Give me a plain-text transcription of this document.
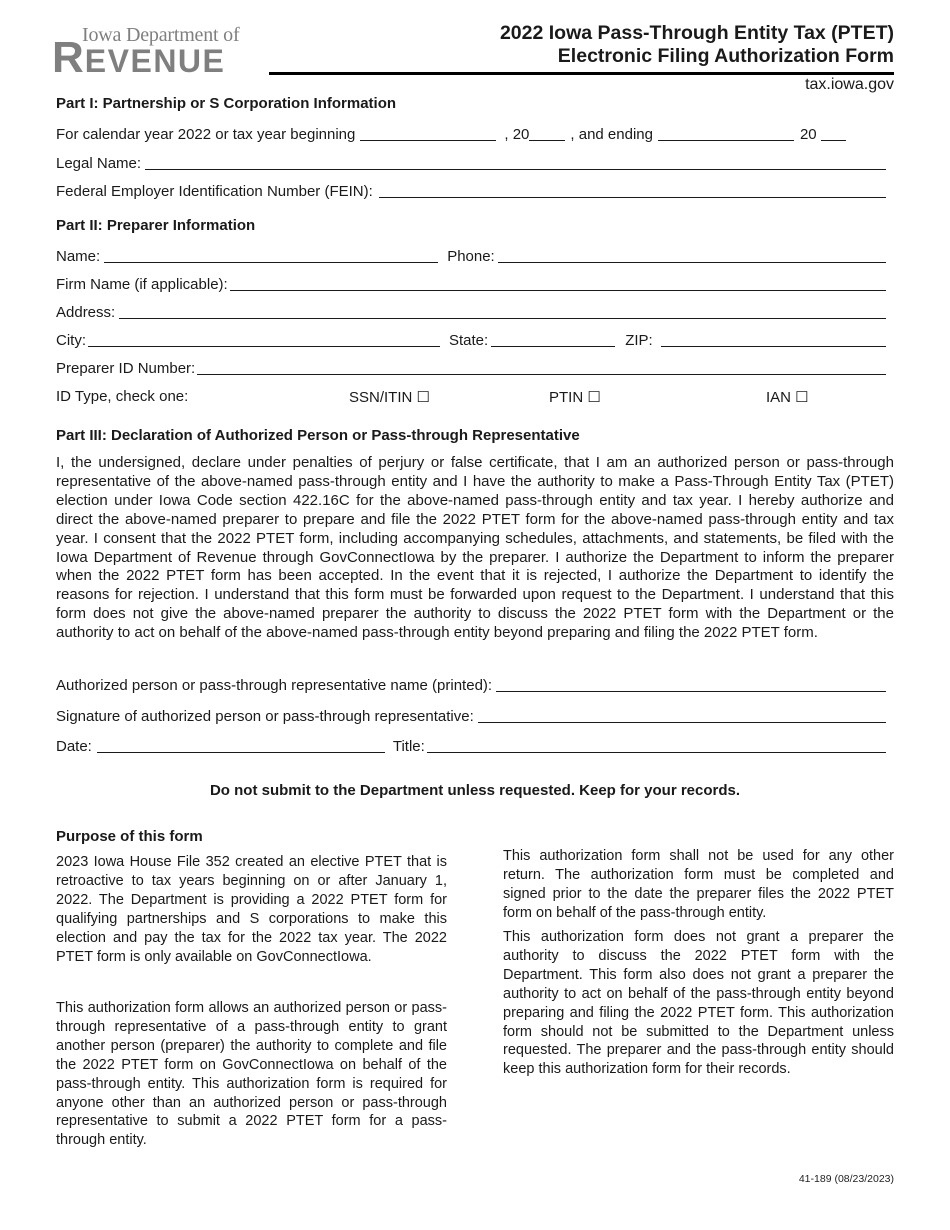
Iowa Department of
REVENUE
2022 Iowa Pass-Through Entity Tax (PTET)
Electronic Filing Authorization Form
tax.iowa.gov
Part I: Partnership or S Corporation Information
For calendar year 2022 or tax year beginning	, 20	, and ending	20
Legal Name:
Federal Employer Identification Number (FEIN):
Part II: Preparer Information
Name:	Phone:
Firm Name (if applicable):
Address:
City:	State:	ZIP:
Preparer ID Number:
ID Type, check one:	SSN/ITIN ☐	PTIN ☐	IAN ☐
Part III: Declaration of Authorized Person or Pass-through Representative
I, the undersigned, declare under penalties of perjury or false certificate, that I am an authorized person or pass-through representative of the above-named pass-through entity and I have the authority to make a Pass-Through Entity Tax (PTET) election under Iowa Code section 422.16C for the above-named pass-through entity and tax year. I hereby authorize and direct the above-named preparer to prepare and file the 2022 PTET form for the above-named pass-through entity and tax year. I consent that the 2022 PTET form, including accompanying schedules, attachments, and statements, be filed with the Iowa Department of Revenue through GovConnectIowa by the preparer. I authorize the Department to inform the preparer when the 2022 PTET form has been accepted. In the event that it is rejected, I authorize the Department to identify the reasons for rejection. I understand that this form must be forwarded upon request to the Department. I understand that this form does not give the above-named preparer the authority to discuss the 2022 PTET form with the Department or the authority to act on behalf of the above-named pass-through entity beyond preparing and filing the 2022 PTET form.
Authorized person or pass-through representative name (printed):
Signature of authorized person or pass-through representative:
Date:	Title:
Do not submit to the Department unless requested. Keep for your records.
Purpose of this form
2023 Iowa House File 352 created an elective PTET that is retroactive to tax years beginning on or after January 1, 2022. The Department is providing a 2022 PTET form for qualifying partnerships and S corporations to make this election and pay the tax for the 2022 tax year. The 2022 PTET form is only available on GovConnectIowa.
This authorization form allows an authorized person or pass-through representative of a pass-through entity to grant another person (preparer) the authority to complete and file the 2022 PTET form on GovConnectIowa on behalf of the pass-through entity. This authorization form is required for anyone other than an authorized person or pass-through representative to submit a 2022 PTET form for a pass-through entity.
This authorization form shall not be used for any other return. The authorization form must be completed and signed prior to the date the preparer files the 2022 PTET form on behalf of the pass-through entity.
This authorization form does not grant a preparer the authority to discuss the 2022 PTET form with the Department. This form also does not grant a preparer the authority to act on behalf of the pass-through entity beyond preparing and filing the 2022 PTET form. This authorization form should not be submitted to the Department unless requested. The preparer and the pass-through entity should keep this authorization form for their records.
41-189 (08/23/2023)
